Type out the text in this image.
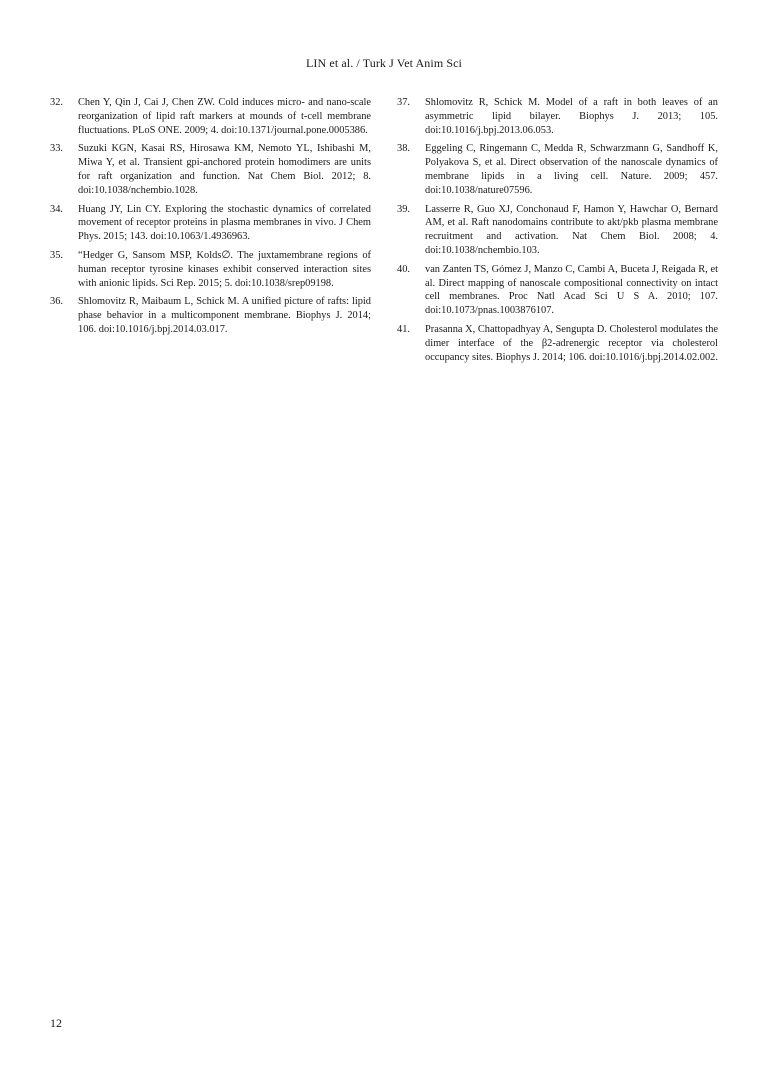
LIN et al. / Turk J Vet Anim Sci
32.	Chen Y, Qin J, Cai J, Chen ZW. Cold induces micro- and nano-scale reorganization of lipid raft markers at mounds of t-cell membrane fluctuations. PLoS ONE. 2009; 4. doi:10.1371/journal.pone.0005386.
33.	Suzuki KGN, Kasai RS, Hirosawa KM, Nemoto YL, Ishibashi M, Miwa Y, et al. Transient gpi-anchored protein homodimers are units for raft organization and function. Nat Chem Biol. 2012; 8. doi:10.1038/nchembio.1028.
34.	Huang JY, Lin CY. Exploring the stochastic dynamics of correlated movement of receptor proteins in plasma membranes in vivo. J Chem Phys. 2015; 143. doi:10.1063/1.4936963.
35.	“Hedger G, Sansom MSP, Kolds∅. The juxtamembrane regions of human receptor tyrosine kinases exhibit conserved interaction sites with anionic lipids. Sci Rep. 2015; 5. doi:10.1038/srep09198.
36.	Shlomovitz R, Maibaum L, Schick M. A unified picture of rafts: lipid phase behavior in a multicomponent membrane. Biophys J. 2014; 106. doi:10.1016/j.bpj.2014.03.017.
37.	Shlomovitz R, Schick M. Model of a raft in both leaves of an asymmetric lipid bilayer. Biophys J. 2013; 105. doi:10.1016/j.bpj.2013.06.053.
38.	Eggeling C, Ringemann C, Medda R, Schwarzmann G, Sandhoff K, Polyakova S, et al. Direct observation of the nanoscale dynamics of membrane lipids in a living cell. Nature. 2009; 457. doi:10.1038/nature07596.
39.	Lasserre R, Guo XJ, Conchonaud F, Hamon Y, Hawchar O, Bernard AM, et al. Raft nanodomains contribute to akt/pkb plasma membrane recruitment and activation. Nat Chem Biol. 2008; 4. doi:10.1038/nchembio.103.
40.	van Zanten TS, Gómez J, Manzo C, Cambi A, Buceta J, Reigada R, et al. Direct mapping of nanoscale compositional connectivity on intact cell membranes. Proc Natl Acad Sci U S A. 2010; 107. doi:10.1073/pnas.1003876107.
41.	Prasanna X, Chattopadhyay A, Sengupta D. Cholesterol modulates the dimer interface of the β2-adrenergic receptor via cholesterol occupancy sites. Biophys J. 2014; 106. doi:10.1016/j.bpj.2014.02.002.
12
